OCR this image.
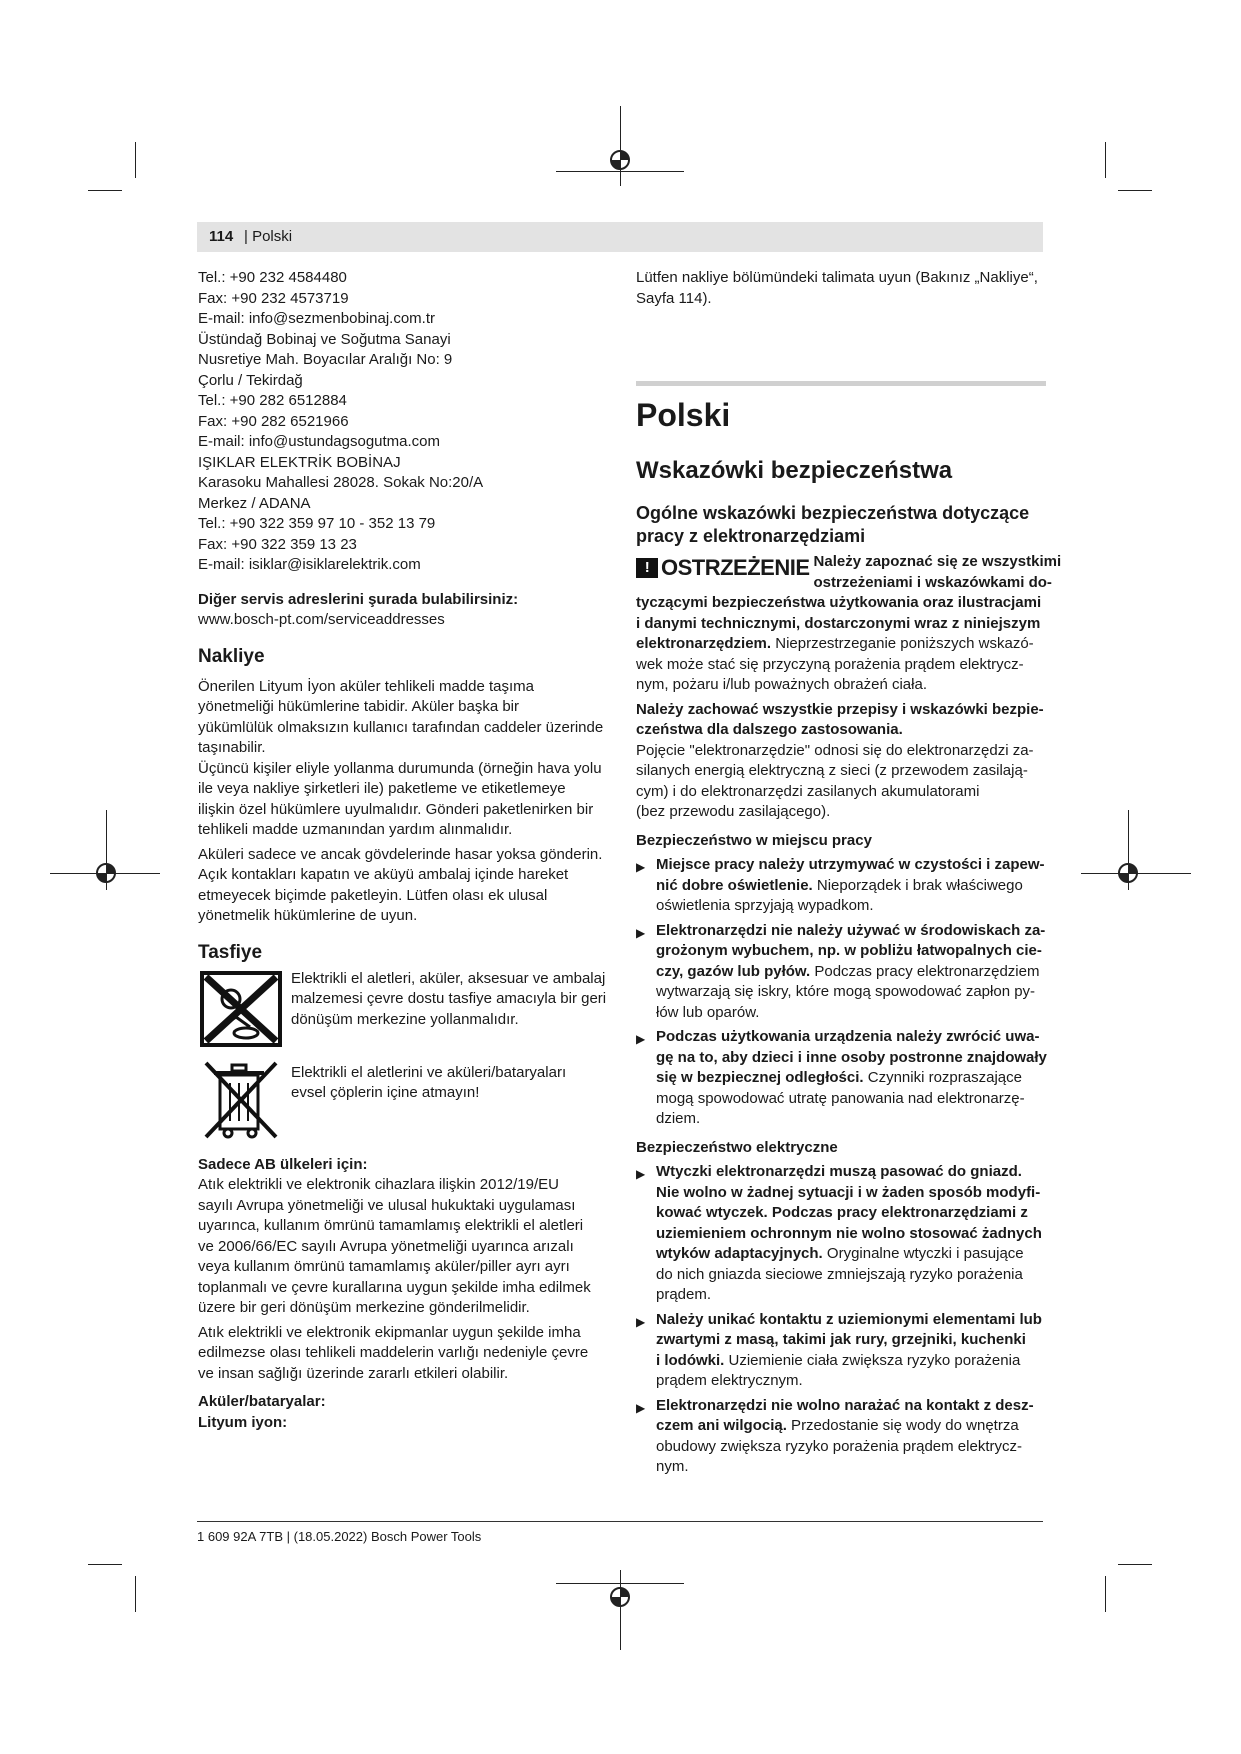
114 | Polski
Tel.: +90 232 4584480
Fax: +90 232 4573719
E-mail: info@sezmenbobinaj.com.tr
Üstündağ Bobinaj ve Soğutma Sanayi
Nusretiye Mah. Boyacılar Aralığı No: 9
Çorlu / Tekirdağ
Tel.: +90 282 6512884
Fax: +90 282 6521966
E-mail: info@ustundagsogutma.com
IŞIKLAR ELEKTRİK BOBİNAJ
Karasoku Mahallesi 28028. Sokak No:20/A
Merkez / ADANA
Tel.: +90 322 359 97 10 - 352 13 79
Fax: +90 322 359 13 23
E-mail: isiklar@isiklarelektrik.com
Diğer servis adreslerini şurada bulabilirsiniz:
www.bosch-pt.com/serviceaddresses
Nakliye
Önerilen Lityum İyon aküler tehlikeli madde taşıma
yönetmeliği hükümlerine tabidir. Aküler başka bir
yükümlülük olmaksızın kullanıcı tarafından caddeler üzerinde
taşınabilir.
Üçüncü kişiler eliyle yollanma durumunda (örneğin hava yolu
ile veya nakliye şirketleri ile) paketleme ve etiketlemeye
ilişkin özel hükümlere uyulmalıdır. Gönderi paketlenirken bir
tehlikeli madde uzmanından yardım alınmalıdır.
Aküleri sadece ve ancak gövdelerinde hasar yoksa gönderin.
Açık kontakları kapatın ve aküyü ambalaj içinde hareket
etmeyecek biçimde paketleyin. Lütfen olası ek ulusal
yönetmelik hükümlerine de uyun.
Tasfiye
Elektrikli el aletleri, aküler, aksesuar ve ambalaj
malzemesi çevre dostu tasfiye amacıyla bir geri
dönüşüm merkezine yollanmalıdır.
Elektrikli el aletlerini ve aküleri/bataryaları
evsel çöplerin içine atmayın!
Sadece AB ülkeleri için:
Atık elektrikli ve elektronik cihazlara ilişkin 2012/19/EU
sayılı Avrupa yönetmeliği ve ulusal hukuktaki uygulaması
uyarınca, kullanım ömrünü tamamlamış elektrikli el aletleri
ve 2006/66/EC sayılı Avrupa yönetmeliği uyarınca arızalı
veya kullanım ömrünü tamamlamış aküler/piller ayrı ayrı
toplanmalı ve çevre kurallarına uygun şekilde imha edilmek
üzere bir geri dönüşüm merkezine gönderilmelidir.
Atık elektrikli ve elektronik ekipmanlar uygun şekilde imha
edilmezse olası tehlikeli maddelerin varlığı nedeniyle çevre
ve insan sağlığı üzerinde zararlı etkileri olabilir.
Aküler/bataryalar:
Lityum iyon:
Lütfen nakliye bölümündeki talimata uyun (Bakınız „Nakliye“,
Sayfa 114).
Polski
Wskazówki bezpieczeństwa
Ogólne wskazówki bezpieczeństwa dotyczące
pracy z elektronarzędziami
! OSTRZEŻENIE Należy zapoznać się ze wszystkimi
ostrzeżeniami i wskazówkami do-
tyczącymi bezpieczeństwa użytkowania oraz ilustracjami
i danymi technicznymi, dostarczonymi wraz z niniejszym
elektronarzędziem. Nieprzestrzeganie poniższych wskazó-
wek może stać się przyczyną porażenia prądem elektrycz-
nym, pożaru i/lub poważnych obrażeń ciała.
Należy zachować wszystkie przepisy i wskazówki bezpie-
czeństwa dla dalszego zastosowania.
Pojęcie "elektronarzędzie" odnosi się do elektronarzędzi za-
silanych energią elektryczną z sieci (z przewodem zasilają-
cym) i do elektronarzędzi zasilanych akumulatorami
(bez przewodu zasilającego).
Bezpieczeństwo w miejscu pracy
▶ Miejsce pracy należy utrzymywać w czystości i zapew-
nić dobre oświetlenie. Nieporządek i brak właściwego
oświetlenia sprzyjają wypadkom.
▶ Elektronarzędzi nie należy używać w środowiskach za-
grożonym wybuchem, np. w pobliżu łatwopalnych cie-
czy, gazów lub pyłów. Podczas pracy elektronarzędziem
wytwarzają się iskry, które mogą spowodować zapłon py-
łów lub oparów.
▶ Podczas użytkowania urządzenia należy zwrócić uwa-
gę na to, aby dzieci i inne osoby postronne znajdowały
się w bezpiecznej odległości. Czynniki rozpraszające
mogą spowodować utratę panowania nad elektronarzę-
dziem.
Bezpieczeństwo elektryczne
▶ Wtyczki elektronarzędzi muszą pasować do gniazd.
Nie wolno w żadnej sytuacji i w żaden sposób modyfi-
kować wtyczek. Podczas pracy elektronarzędziami z
uziemieniem ochronnym nie wolno stosować żadnych
wtyków adaptacyjnych. Oryginalne wtyczki i pasujące
do nich gniazda sieciowe zmniejszają ryzyko porażenia
prądem.
▶ Należy unikać kontaktu z uziemionymi elementami lub
zwartymi z masą, takimi jak rury, grzejniki, kuchenki
i lodówki. Uziemienie ciała zwiększa ryzyko porażenia
prądem elektrycznym.
▶ Elektronarzędzi nie wolno narażać na kontakt z desz-
czem ani wilgocią. Przedostanie się wody do wnętrza
obudowy zwiększa ryzyko porażenia prądem elektrycz-
nym.
1 609 92A 7TB | (18.05.2022) Bosch Power Tools
